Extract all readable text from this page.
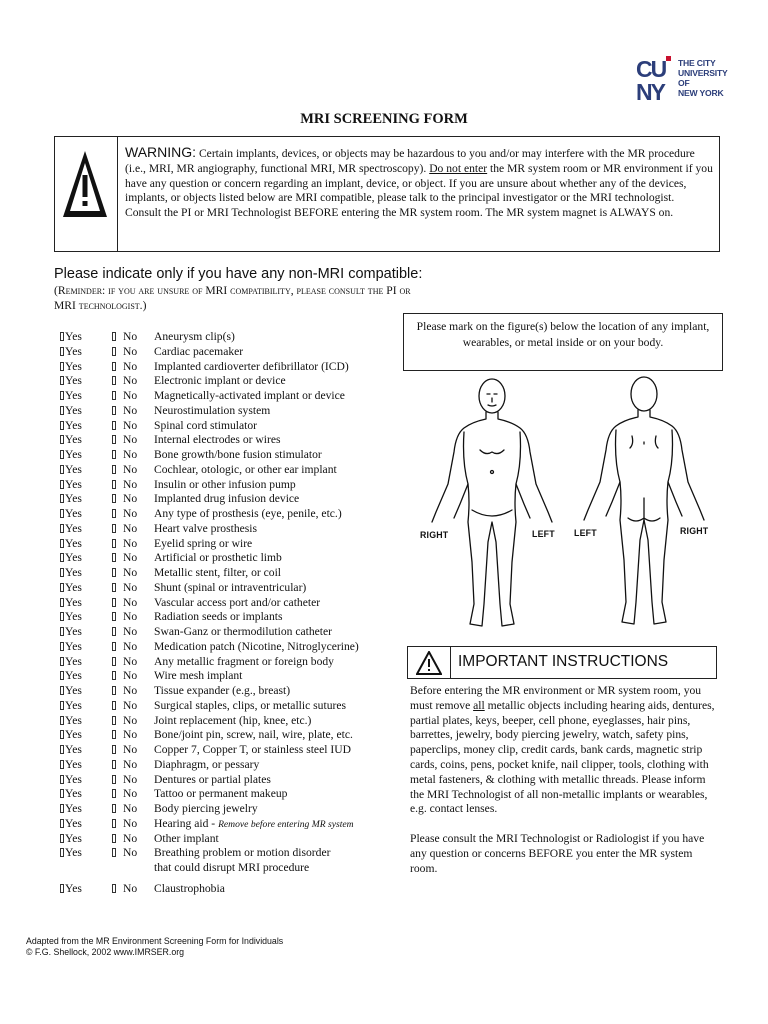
CU
NY
THE CITY
UNIVERSITY
OF
NEW YORK
MRI SCREENING FORM
WARNING: Certain implants, devices, or objects may be hazardous to you and/or may interfere with the MR procedure (i.e., MRI, MR angiography, functional MRI, MR spectroscopy). Do not enter the MR system room or MR environment if you have any question or concern regarding an implant, device, or object. If you are unsure about whether any of the devices, implants, or objects listed below are MRI compatible, please talk to the principal investigator or the MRI technologist. Consult the PI or MRI Technologist BEFORE entering the MR system room. The MR system magnet is ALWAYS on.
Please indicate only if you have any non-MRI compatible:
(Reminder: if you are unsure of MRI compatibility, please consult the PI or MRI technologist.)
Yes	No Aneurysm clip(s)
Yes	No Cardiac pacemaker
Yes	No Implanted cardioverter defibrillator (ICD)
Yes	No Electronic implant or device
Yes	No Magnetically-activated implant or device
Yes	No Neurostimulation system
Yes	No Spinal cord stimulator
Yes	No Internal electrodes or wires
Yes	No Bone growth/bone fusion stimulator
Yes	No Cochlear, otologic, or other ear implant
Yes	No Insulin or other infusion pump
Yes	No Implanted drug infusion device
Yes	No Any type of prosthesis (eye, penile, etc.)
Yes	No Heart valve prosthesis
Yes	No Eyelid spring or wire
Yes	No Artificial or prosthetic limb
Yes	No Metallic stent, filter, or coil
Yes	No Shunt (spinal or intraventricular)
Yes	No Vascular access port and/or catheter
Yes	No Radiation seeds or implants
Yes	No Swan-Ganz or thermodilution catheter
Yes	No Medication patch (Nicotine, Nitroglycerine)
Yes	No Any metallic fragment or foreign body
Yes	No Wire mesh implant
Yes	No Tissue expander (e.g., breast)
Yes	No Surgical staples, clips, or metallic sutures
Yes	No Joint replacement (hip, knee, etc.)
Yes	No Bone/joint pin, screw, nail, wire, plate, etc.
Yes	No Copper 7, Copper T, or stainless steel IUD
Yes	No Diaphragm, or pessary
Yes	No Dentures or partial plates
Yes	No Tattoo or permanent makeup
Yes	No Body piercing jewelry
Yes	No Hearing aid - Remove before entering MR system
Yes	No Other implant
Yes	No Breathing problem or motion disorder
that could disrupt MRI procedure
Yes	No Claustrophobia
Please mark on the figure(s) below the location of any implant, wearables, or metal inside or on your body.
RIGHT	LEFT LEFT	RIGHT
IMPORTANT INSTRUCTIONS

Before entering the MR environment or MR system room, you must remove all metallic objects including hearing aids, dentures, partial plates, keys, beeper, cell phone, eyeglasses, hair pins, barrettes, jewelry, body piercing jewelry, watch, safety pins, paperclips, money clip, credit cards, bank cards, magnetic strip cards, coins, pens, pocket knife, nail clipper, tools, clothing with metal fasteners, & clothing with metallic threads. Please inform the MRI Technologist of all non-metallic implants or wearables, e.g. contact lenses.

Please consult the MRI Technologist or Radiologist if you have any question or concerns BEFORE you enter the MR system room.

Adapted from the MR Environment Screening Form for Individuals
© F.G. Shellock, 2002 www.IMRSER.org
